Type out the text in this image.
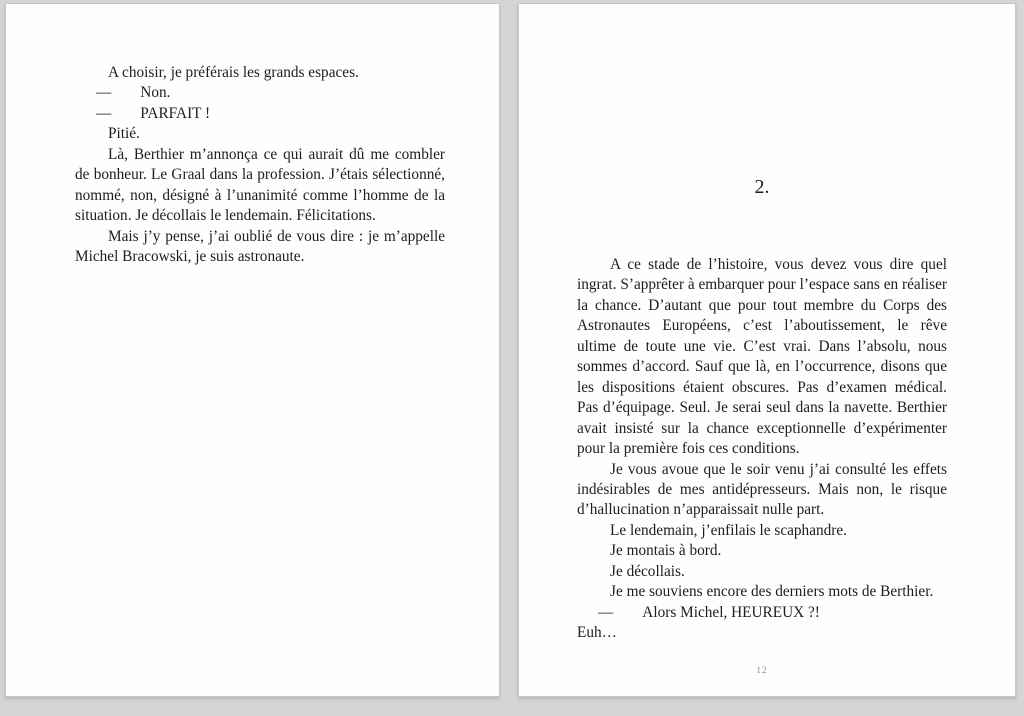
A choisir, je préférais les grands espaces.

— Non.

— PARFAIT !

Pitié.

Là, Berthier m’annonça ce qui aurait dû me combler de bonheur. Le Graal dans la profession. J’étais sélectionné, nommé, non, désigné à l’unanimité comme l’homme de la situation. Je décollais le lendemain. Félicitations.

Mais j’y pense, j’ai oublié de vous dire : je m’appelle Michel Bracowski, je suis astronaute.

2.

A ce stade de l’histoire, vous devez vous dire quel ingrat. S’apprêter à embarquer pour l’espace sans en réaliser la chance. D’autant que pour tout membre du Corps des Astronautes Européens, c’est l’aboutissement, le rêve ultime de toute une vie. C’est vrai. Dans l’absolu, nous sommes d’accord. Sauf que là, en l’occurrence, disons que les dispositions étaient obscures. Pas d’examen médical. Pas d’équipage. Seul. Je serai seul dans la navette. Berthier avait insisté sur la chance exceptionnelle d’expérimenter pour la première fois ces conditions.

Je vous avoue que le soir venu j’ai consulté les effets indésirables de mes antidépresseurs. Mais non, le risque d’hallucination n’apparaissait nulle part.

Le lendemain, j’enfilais le scaphandre.

Je montais à bord.

Je décollais.

Je me souviens encore des derniers mots de Berthier.

— Alors Michel, HEUREUX ?!

Euh…

12
